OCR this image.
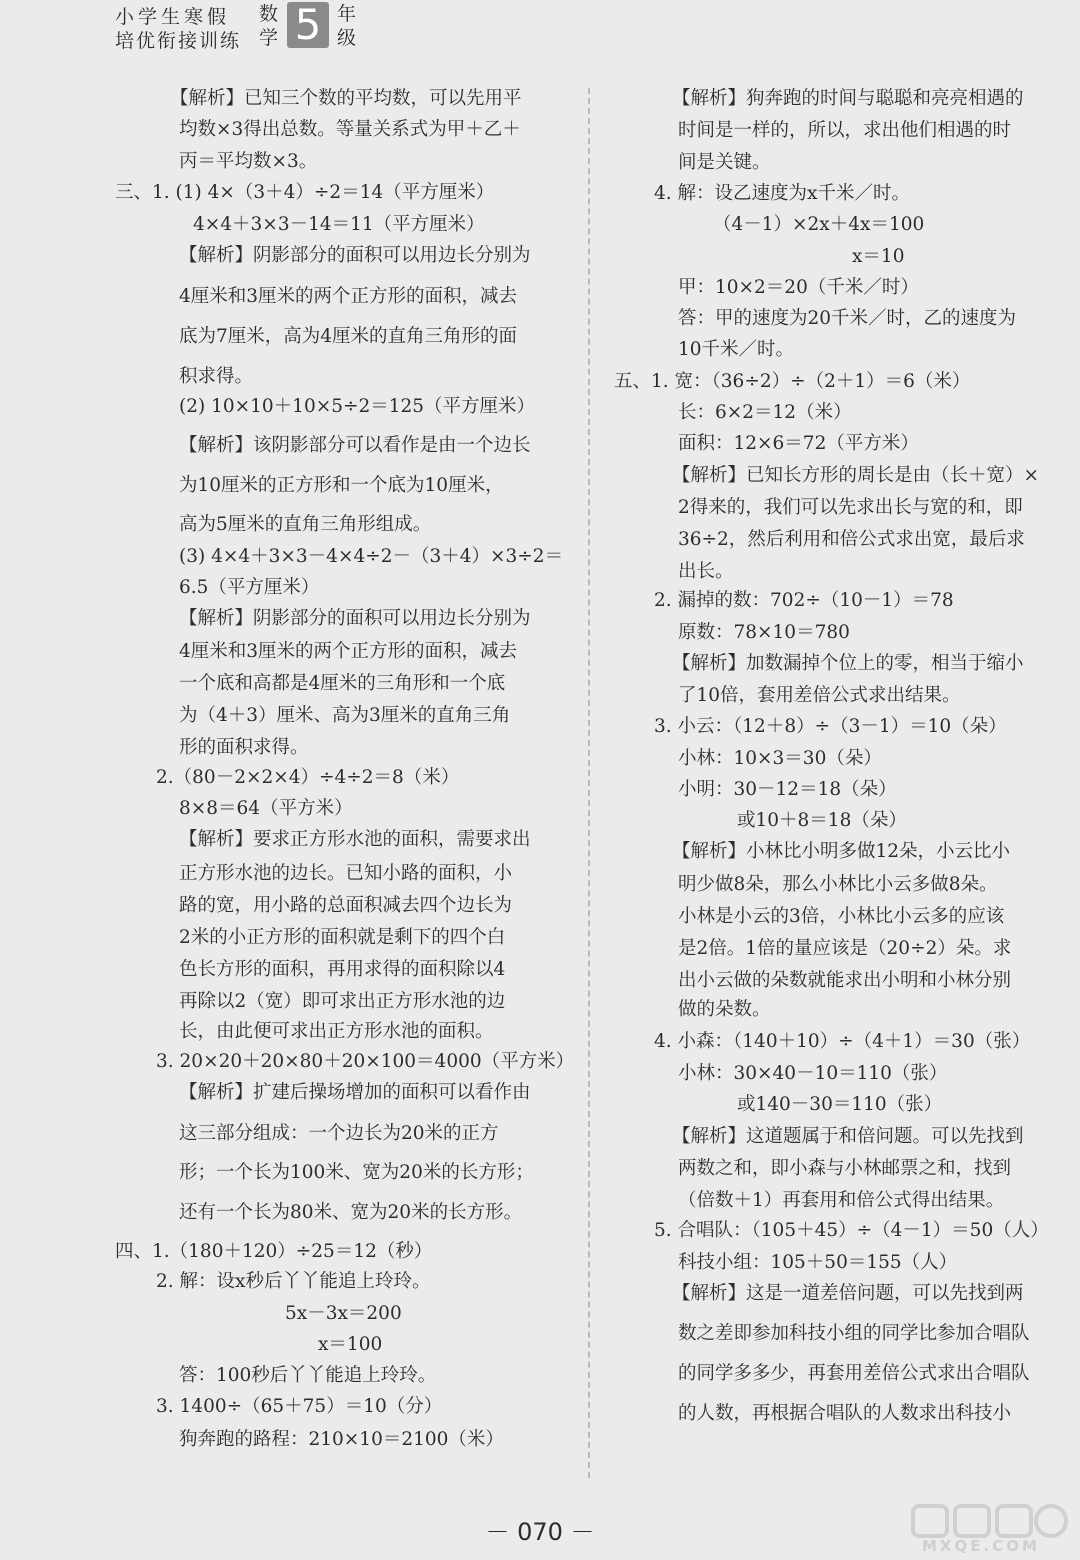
小学生寒假
培优衔接训练
数学 5 年级
【解析】已知三个数的平均数，可以先用平
均数×3得出总数。等量关系式为甲＋乙＋
丙＝平均数×3。
三、1. (1) 4×（3＋4）÷2＝14（平方厘米）
4×4＋3×3－14＝11（平方厘米）
【解析】阴影部分的面积可以用边长分别为
4厘米和3厘米的两个正方形的面积，减去
底为7厘米，高为4厘米的直角三角形的面
积求得。
(2) 10×10＋10×5÷2＝125（平方厘米）
【解析】该阴影部分可以看作是由一个边长
为10厘米的正方形和一个底为10厘米，
高为5厘米的直角三角形组成。
(3) 4×4＋3×3－4×4÷2－（3＋4）×3÷2＝
6.5（平方厘米）
【解析】阴影部分的面积可以用边长分别为
4厘米和3厘米的两个正方形的面积，减去
一个底和高都是4厘米的三角形和一个底
为（4＋3）厘米、高为3厘米的直角三角
形的面积求得。
2.（80－2×2×4）÷4÷2＝8（米）
8×8＝64（平方米）
【解析】要求正方形水池的面积，需要求出
正方形水池的边长。已知小路的面积，小
路的宽，用小路的总面积减去四个边长为
2米的小正方形的面积就是剩下的四个白
色长方形的面积，再用求得的面积除以4
再除以2（宽）即可求出正方形水池的边
长，由此便可求出正方形水池的面积。
3. 20×20＋20×80＋20×100＝4000（平方米）
【解析】扩建后操场增加的面积可以看作由
这三部分组成：一个边长为20米的正方
形；一个长为100米、宽为20米的长方形；
还有一个长为80米、宽为20米的长方形。
四、1.（180＋120）÷25＝12（秒）
2. 解：设x秒后丫丫能追上玲玲。
5x－3x＝200
x＝100
答：100秒后丫丫能追上玲玲。
3. 1400÷（65＋75）＝10（分）
狗奔跑的路程：210×10＝2100（米）
【解析】狗奔跑的时间与聪聪和亮亮相遇的
时间是一样的，所以，求出他们相遇的时
间是关键。
4. 解：设乙速度为x千米／时。
（4－1）×2x＋4x＝100
x＝10
甲：10×2＝20（千米／时）
答：甲的速度为20千米／时，乙的速度为
10千米／时。
五、1. 宽：（36÷2）÷（2＋1）＝6（米）
长：6×2＝12（米）
面积：12×6＝72（平方米）
【解析】已知长方形的周长是由（长＋宽）×
2得来的，我们可以先求出长与宽的和，即
36÷2，然后利用和倍公式求出宽，最后求
出长。
2. 漏掉的数：702÷（10－1）＝78
原数：78×10＝780
【解析】加数漏掉个位上的零，相当于缩小
了10倍，套用差倍公式求出结果。
3. 小云：（12＋8）÷（3－1）＝10（朵）
小林：10×3＝30（朵）
小明：30－12＝18（朵）
或10＋8＝18（朵）
【解析】小林比小明多做12朵，小云比小
明少做8朵，那么小林比小云多做8朵。
小林是小云的3倍，小林比小云多的应该
是2倍。1倍的量应该是（20÷2）朵。求
出小云做的朵数就能求出小明和小林分别
做的朵数。
4. 小森：（140＋10）÷（4＋1）＝30（张）
小林：30×40－10＝110（张）
或140－30＝110（张）
【解析】这道题属于和倍问题。可以先找到
两数之和，即小森与小林邮票之和，找到
（倍数＋1）再套用和倍公式得出结果。
5. 合唱队：（105＋45）÷（4－1）＝50（人）
科技小组：105＋50＝155（人）
【解析】这是一道差倍问题，可以先找到两
数之差即参加科技小组的同学比参加合唱队
的同学多多少，再套用差倍公式求出合唱队
的人数，再根据合唱队的人数求出科技小
－ 070 －	MXQE.COM
